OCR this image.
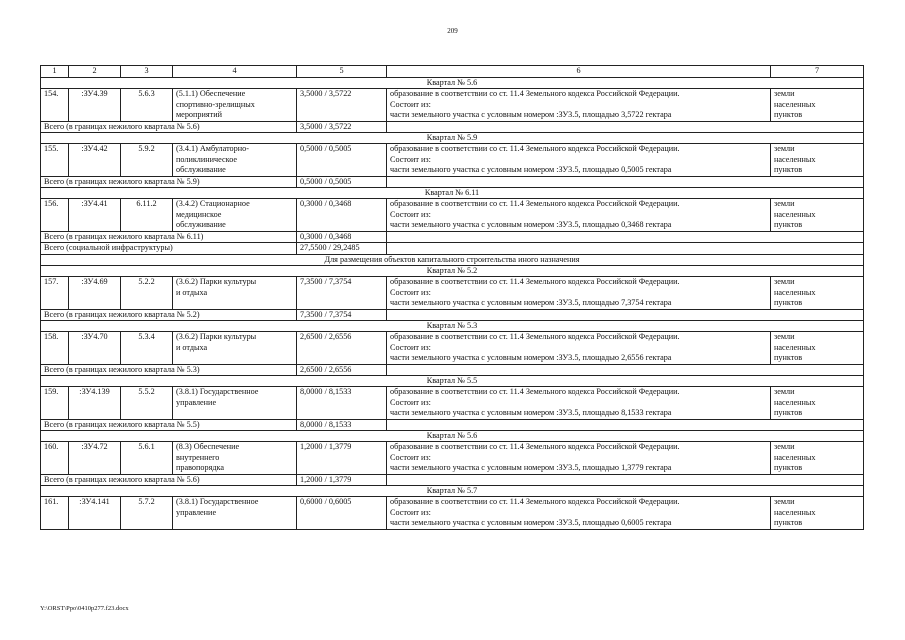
209
1	2	3	4	5	6	7
Квартал № 5.6						
154.	:ЗУ4.39	5.6.3	(5.1.1) Обеспечение
спортивно-зрелищных
мероприятий	3,5000 / 3,5722	образование в соответствии со ст. 11.4 Земельного кодекса Российской Федерации.
Состоит из:
части земельного участка с условным номером :ЗУ3.5, площадью 3,5722 гектара	земли
населенных
пунктов
Всего (в границах нежилого квартала № 5.6)				3,5000 / 3,5722		
Квартал № 5.9						
155.	:ЗУ4.42	5.9.2	(3.4.1) Амбулаторно-
поликлиническое
обслуживание	0,5000 / 0,5005	образование в соответствии со ст. 11.4 Земельного кодекса Российской Федерации.
Состоит из:
части земельного участка с условным номером :ЗУ3.5, площадью 0,5005 гектара	земли
населенных
пунктов
Всего (в границах нежилого квартала № 5.9)				0,5000 / 0,5005		
Квартал № 6.11						
156.	:ЗУ4.41	6.11.2	(3.4.2) Стационарное
медицинское
обслуживание	0,3000 / 0,3468	образование в соответствии со ст. 11.4 Земельного кодекса Российской Федерации.
Состоит из:
части земельного участка с условным номером :ЗУ3.5, площадью 0,3468 гектара	земли
населенных
пунктов
Всего (в границах нежилого квартала № 6.11)				0,3000 / 0,3468		
Всего (социальной инфраструктуры)				27,5500 / 29,2485		
Для размещения объектов капитального строительства иного назначения						
Квартал № 5.2						
157.	:ЗУ4.69	5.2.2	(3.6.2) Парки культуры
и отдыха	7,3500 / 7,3754	образование в соответствии со ст. 11.4 Земельного кодекса Российской Федерации.
Состоит из:
части земельного участка с условным номером :ЗУ3.5, площадью 7,3754 гектара	земли
населенных
пунктов
Всего (в границах нежилого квартала № 5.2)				7,3500 / 7,3754		
Квартал № 5.3						
158.	:ЗУ4.70	5.3.4	(3.6.2) Парки культуры
и отдыха	2,6500 / 2,6556	образование в соответствии со ст. 11.4 Земельного кодекса Российской Федерации.
Состоит из:
части земельного участка с условным номером :ЗУ3.5, площадью 2,6556 гектара	земли
населенных
пунктов
Всего (в границах нежилого квартала № 5.3)				2,6500 / 2,6556		
Квартал № 5.5						
159.	:ЗУ4.139	5.5.2	(3.8.1) Государственное
управление	8,0000 / 8,1533	образование в соответствии со ст. 11.4 Земельного кодекса Российской Федерации.
Состоит из:
части земельного участка с условным номером :ЗУ3.5, площадью 8,1533 гектара	земли
населенных
пунктов
Всего (в границах нежилого квартала № 5.5)				8,0000 / 8,1533		
Квартал № 5.6						
160.	:ЗУ4.72	5.6.1	(8.3) Обеспечение
внутреннего
правопорядка	1,2000 / 1,3779	образование в соответствии со ст. 11.4 Земельного кодекса Российской Федерации.
Состоит из:
части земельного участка с условным номером :ЗУ3.5, площадью 1,3779 гектара	земли
населенных
пунктов
Всего (в границах нежилого квартала № 5.6)				1,2000 / 1,3779		
Квартал № 5.7						
161.	:ЗУ4.141	5.7.2	(3.8.1) Государственное
управление	0,6000 / 0,6005	образование в соответствии со ст. 11.4 Земельного кодекса Российской Федерации.
Состоит из:
части земельного участка с условным номером :ЗУ3.5, площадью 0,6005 гектара	земли
населенных
пунктов
Y:\ORST\Ppo\0410p277.f23.docx
